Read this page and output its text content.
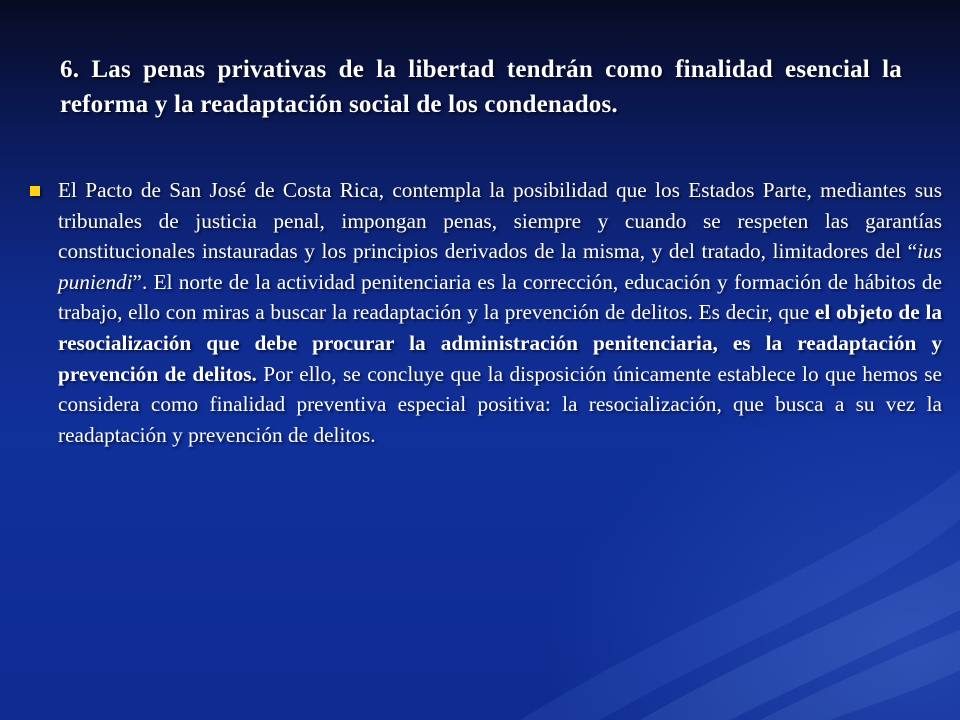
6. Las penas privativas de la libertad tendrán como finalidad esencial la reforma y la readaptación social de los condenados.
El Pacto de San José de Costa Rica, contempla la posibilidad que los Estados Parte, mediantes sus tribunales de justicia penal, impongan penas, siempre y cuando se respeten las garantías constitucionales instauradas y los principios derivados de la misma, y del tratado, limitadores del “ius puniendi”. El norte de la actividad penitenciaria es la corrección, educación y formación de hábitos de trabajo, ello con miras a buscar la readaptación y la prevención de delitos. Es decir, que el objeto de la resocialización que debe procurar la administración penitenciaria, es la readaptación y prevención de delitos. Por ello, se concluye que la disposición únicamente establece lo que hemos se considera como finalidad preventiva especial positiva: la resocialización, que busca a su vez la readaptación y prevención de delitos.
